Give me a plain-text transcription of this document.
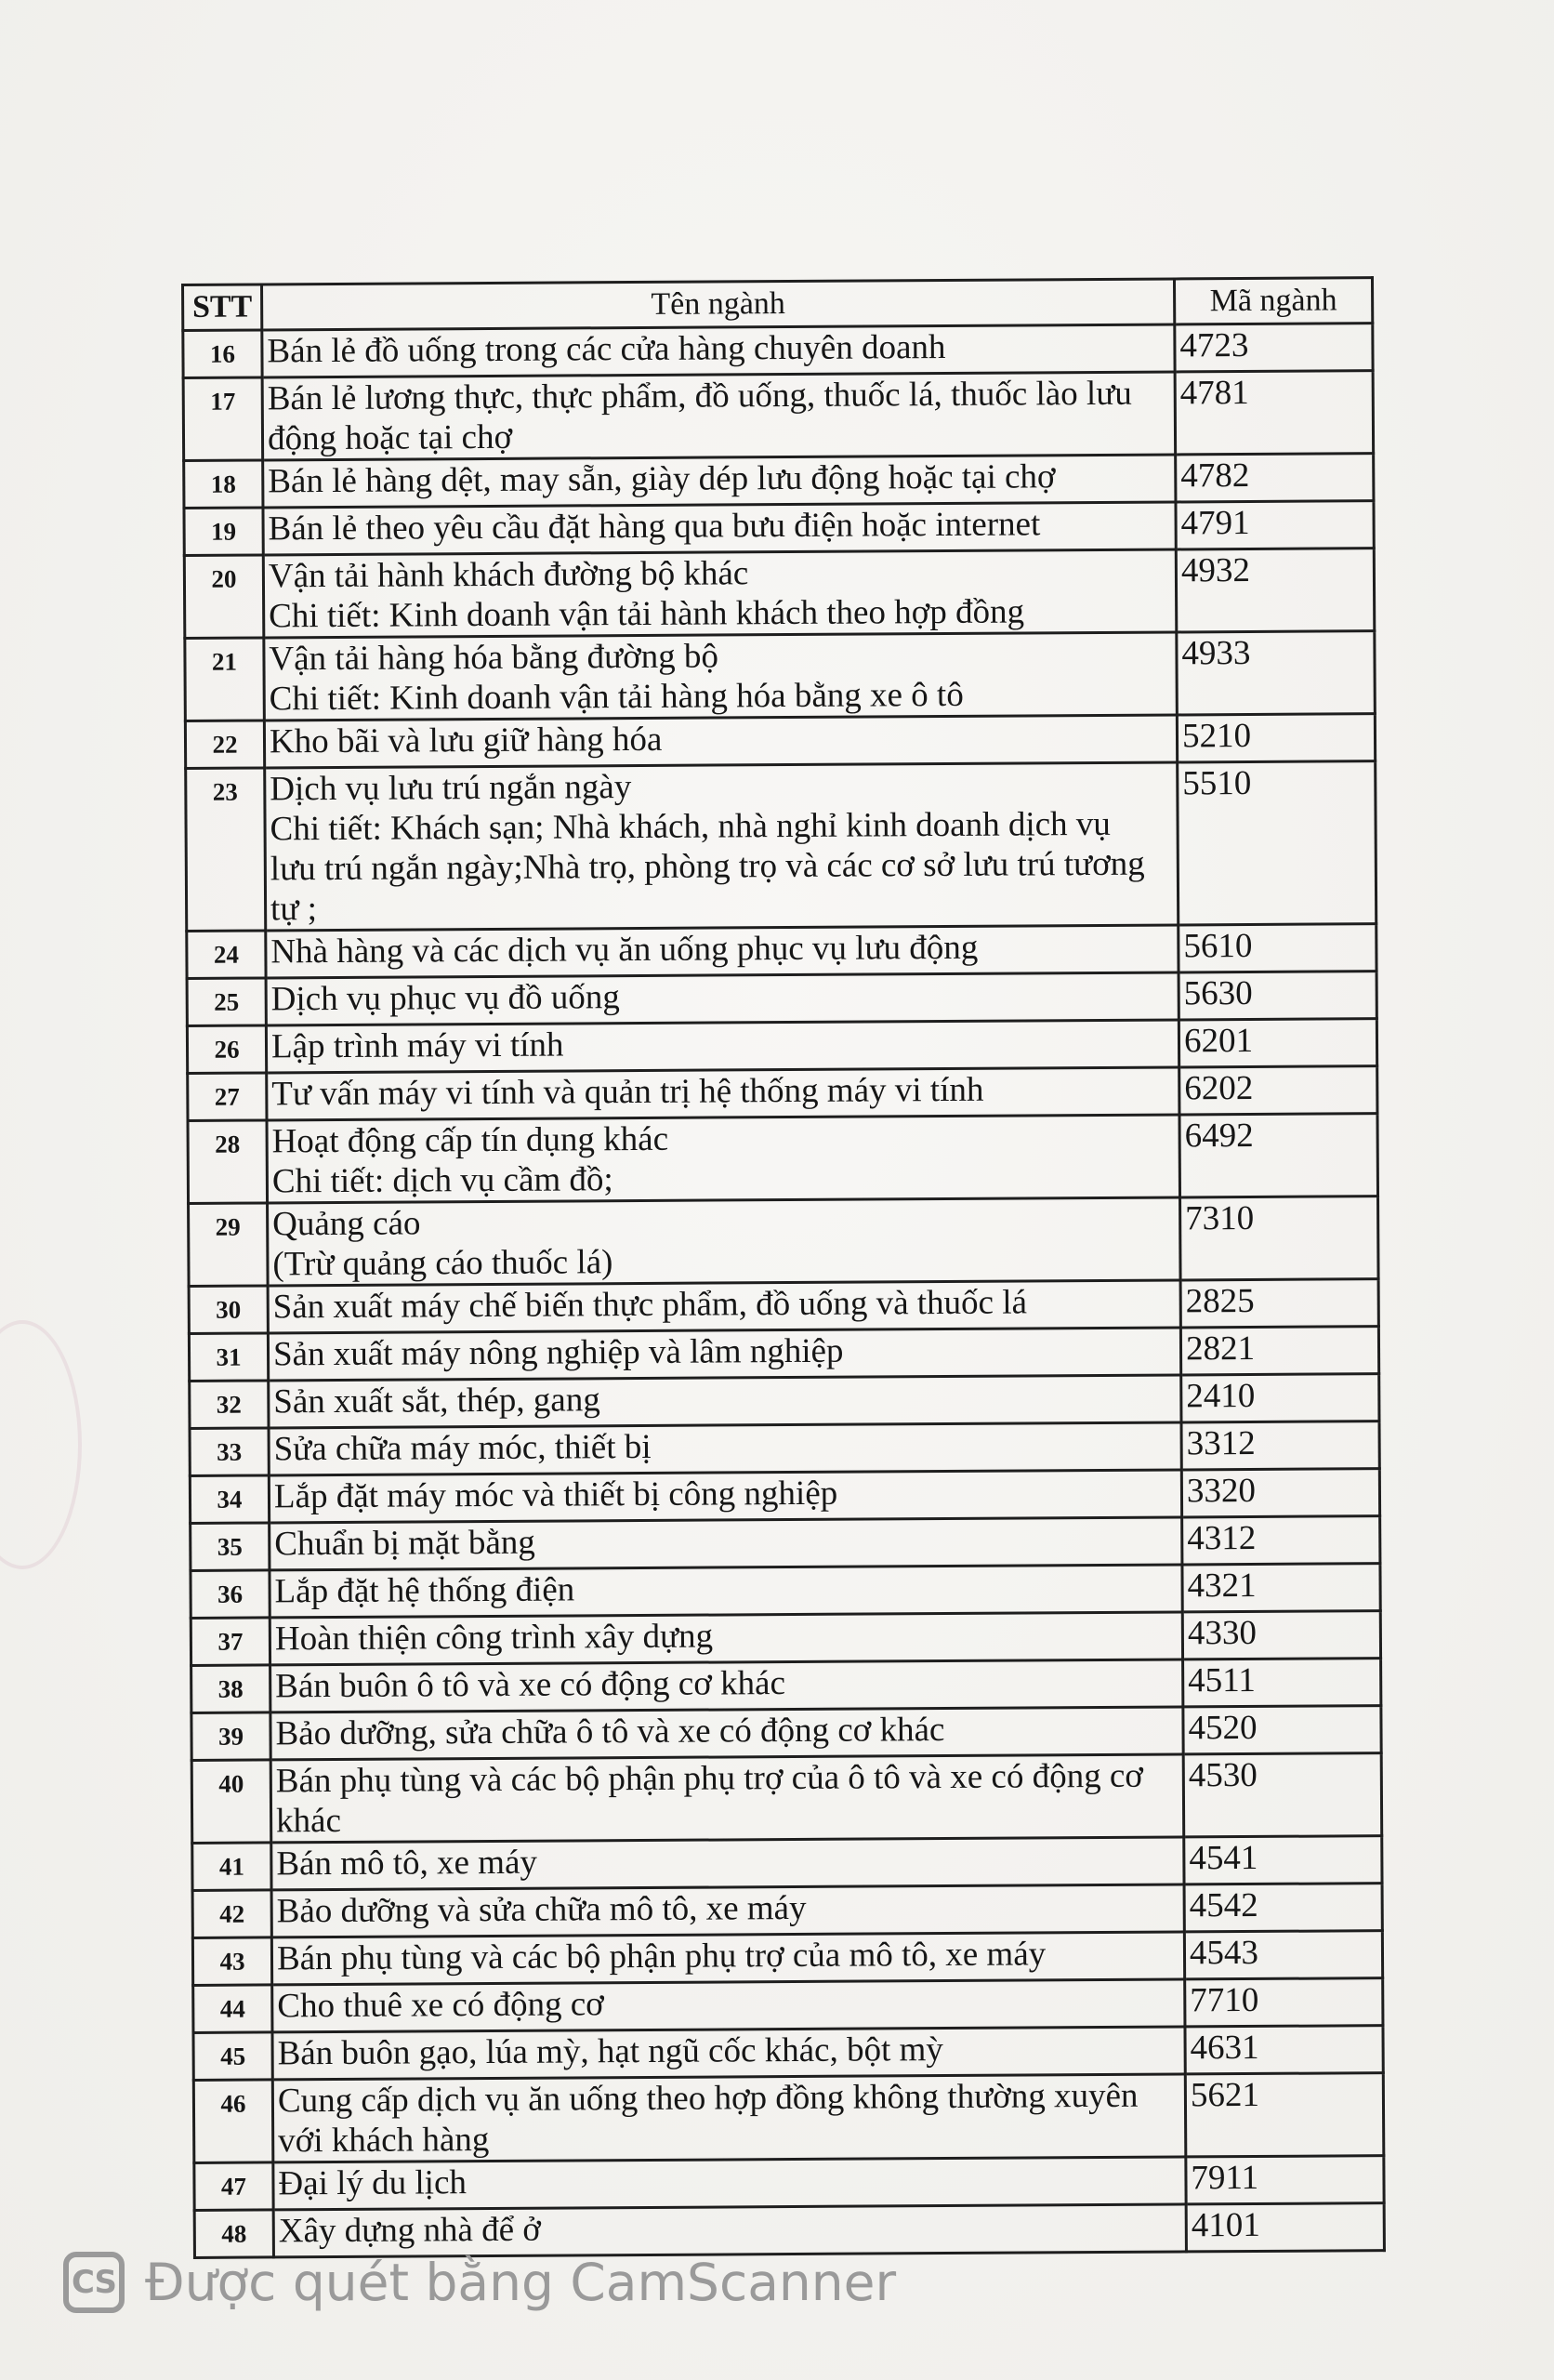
STT	Tên ngành	Mã ngành
16	Bán lẻ đồ uống trong các cửa hàng chuyên doanh	4723
17	Bán lẻ lương thực, thực phẩm, đồ uống, thuốc lá, thuốc lào lưu
động hoặc tại chợ	4781
18	Bán lẻ hàng dệt, may sẵn, giày dép lưu động hoặc tại chợ	4782
19	Bán lẻ theo yêu cầu đặt hàng qua bưu điện hoặc internet	4791
20	Vận tải hành khách đường bộ khác
Chi tiết: Kinh doanh vận tải hành khách theo hợp đồng	4932
21	Vận tải hàng hóa bằng đường bộ
Chi tiết: Kinh doanh vận tải hàng hóa bằng xe ô tô	4933
22	Kho bãi và lưu giữ hàng hóa	5210
23	Dịch vụ lưu trú ngắn ngày
Chi tiết: Khách sạn; Nhà khách, nhà nghỉ kinh doanh dịch vụ
lưu trú ngắn ngày;Nhà trọ, phòng trọ và các cơ sở lưu trú tương
tự ;	5510
24	Nhà hàng và các dịch vụ ăn uống phục vụ lưu động	5610
25	Dịch vụ phục vụ đồ uống	5630
26	Lập trình máy vi tính	6201
27	Tư vấn máy vi tính và quản trị hệ thống máy vi tính	6202
28	Hoạt động cấp tín dụng khác
Chi tiết: dịch vụ cầm đồ;	6492
29	Quảng cáo
(Trừ quảng cáo thuốc lá)	7310
30	Sản xuất máy chế biến thực phẩm, đồ uống và thuốc lá	2825
31	Sản xuất máy nông nghiệp và lâm nghiệp	2821
32	Sản xuất sắt, thép, gang	2410
33	Sửa chữa máy móc, thiết bị	3312
34	Lắp đặt máy móc và thiết bị công nghiệp	3320
35	Chuẩn bị mặt bằng	4312
36	Lắp đặt hệ thống điện	4321
37	Hoàn thiện công trình xây dựng	4330
38	Bán buôn ô tô và xe có động cơ khác	4511
39	Bảo dưỡng, sửa chữa ô tô và xe có động cơ khác	4520
40	Bán phụ tùng và các bộ phận phụ trợ của ô tô và xe có động cơ
khác	4530
41	Bán mô tô, xe máy	4541
42	Bảo dưỡng và sửa chữa mô tô, xe máy	4542
43	Bán phụ tùng và các bộ phận phụ trợ của mô tô, xe máy	4543
44	Cho thuê xe có động cơ	7710
45	Bán buôn gạo, lúa mỳ, hạt ngũ cốc khác, bột mỳ	4631
46	Cung cấp dịch vụ ăn uống theo hợp đồng không thường xuyên
với khách hàng	5621
47	Đại lý du lịch	7911
48	Xây dựng nhà để ở	4101
CS Được quét bằng CamScanner
